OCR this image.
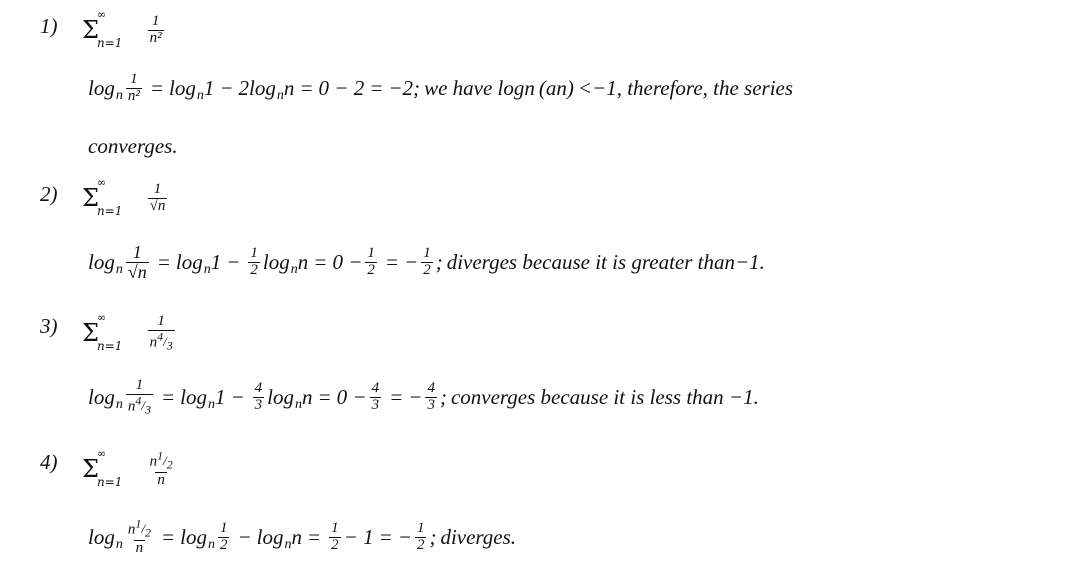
1)	Σ
∞
$n=1 \frac{1}{\text{n²}}$
log n $\frac{1}{\text{n²}} = \log n$ 1 − 2 log n n = 0 − 2 = −2; we have log n (a n ) <−1, therefore, the series
converges.
2)	Σ
∞
$n=1 \frac{1}{√n}$
log n $\frac{1}{√n} = \log n$ $1 - \frac{1}{2}$ log n $n = 0 - \frac{1}{2}$ = − $\frac{1}{2}$ ; diverges because it is greater than−1.
3)	Σ
∞
$n=1 \frac{1}{n4/3}$
log n $\frac{1}{n4/3} = \log n$ $1 - \frac{4}{3}$ log n $n = 0 - \frac{4}{3}$ = − $\frac{4}{3}$ ; converges because it is less than −1.
4)	Σ
∞
$n=1 \frac{n1/2}{n}$
log n $\frac{n1/2}{n} = \log n \frac{1}{2} - \log n$ $n = \frac{1}{2} - 1$ = − $\frac{1}{2}$ ; diverges.
